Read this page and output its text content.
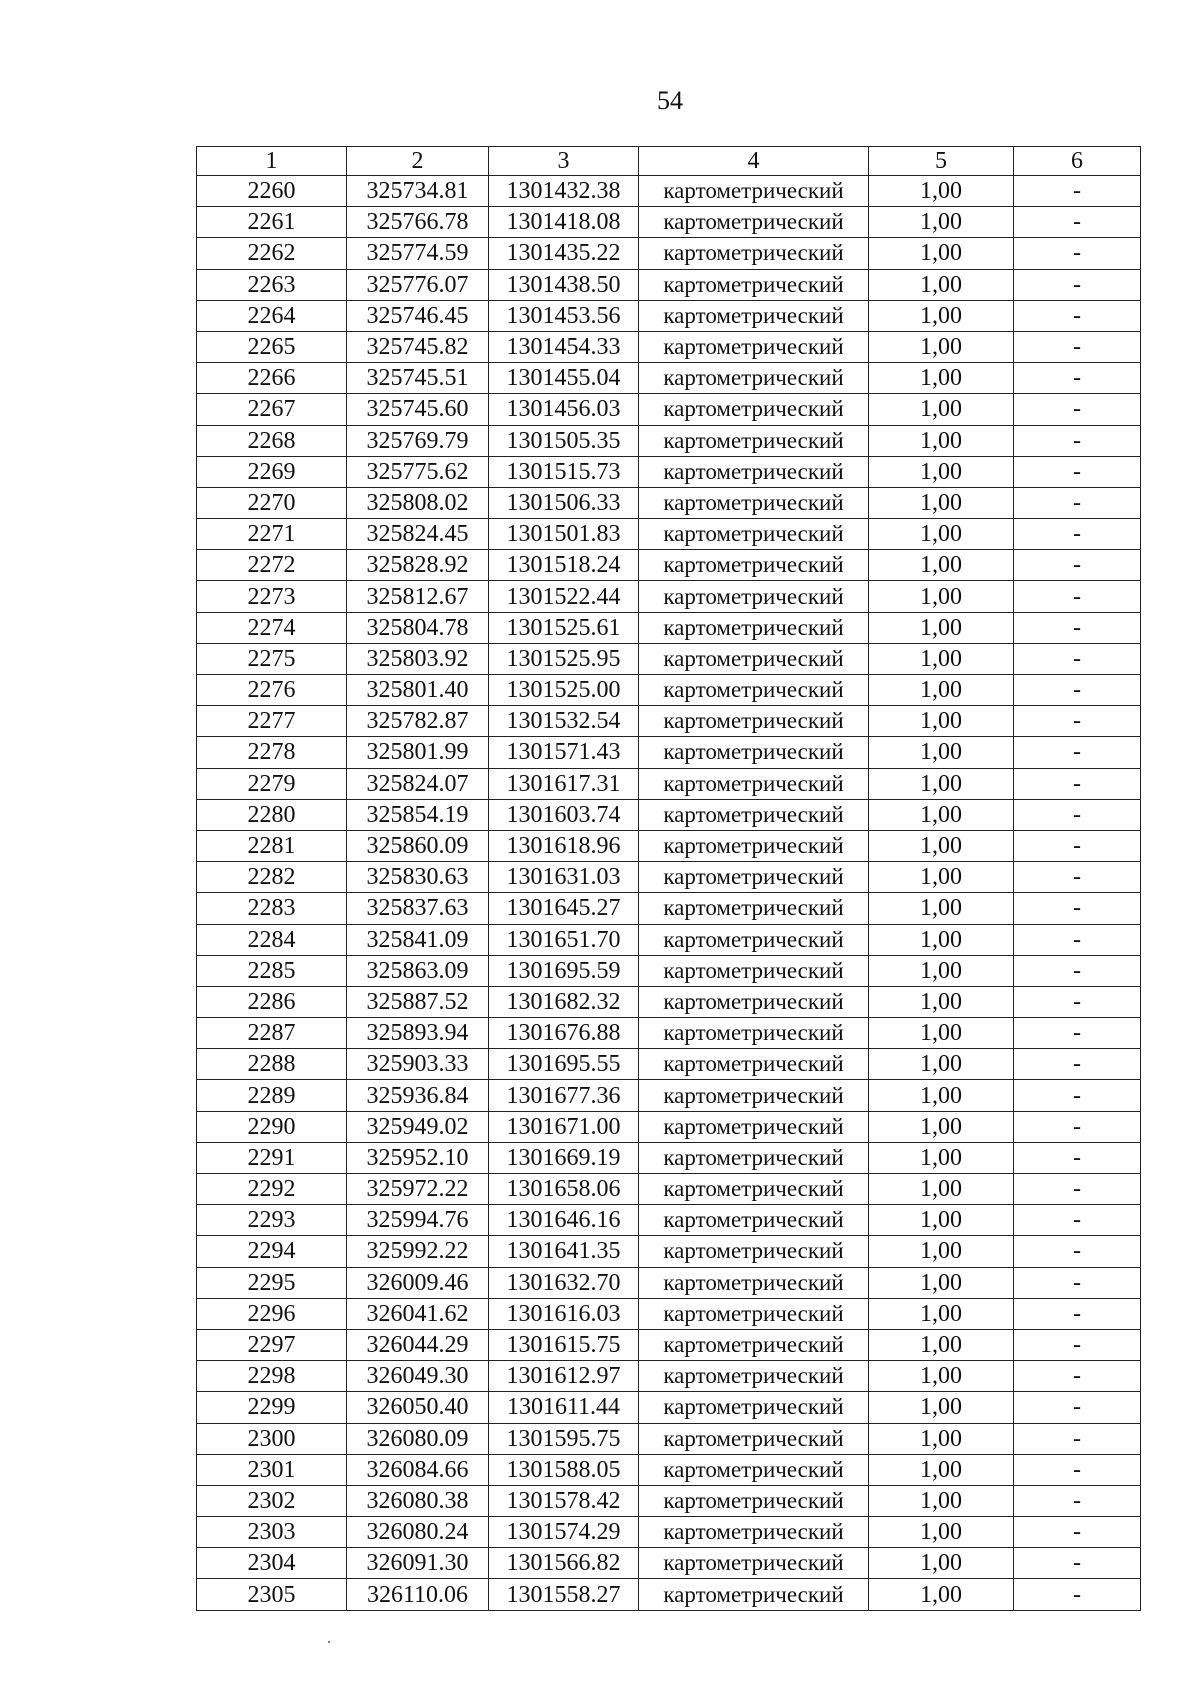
54
1	2	3	4	5	6
2260	325734.81	1301432.38	картометрический	1,00	-
2261	325766.78	1301418.08	картометрический	1,00	-
2262	325774.59	1301435.22	картометрический	1,00	-
2263	325776.07	1301438.50	картометрический	1,00	-
2264	325746.45	1301453.56	картометрический	1,00	-
2265	325745.82	1301454.33	картометрический	1,00	-
2266	325745.51	1301455.04	картометрический	1,00	-
2267	325745.60	1301456.03	картометрический	1,00	-
2268	325769.79	1301505.35	картометрический	1,00	-
2269	325775.62	1301515.73	картометрический	1,00	-
2270	325808.02	1301506.33	картометрический	1,00	-
2271	325824.45	1301501.83	картометрический	1,00	-
2272	325828.92	1301518.24	картометрический	1,00	-
2273	325812.67	1301522.44	картометрический	1,00	-
2274	325804.78	1301525.61	картометрический	1,00	-
2275	325803.92	1301525.95	картометрический	1,00	-
2276	325801.40	1301525.00	картометрический	1,00	-
2277	325782.87	1301532.54	картометрический	1,00	-
2278	325801.99	1301571.43	картометрический	1,00	-
2279	325824.07	1301617.31	картометрический	1,00	-
2280	325854.19	1301603.74	картометрический	1,00	-
2281	325860.09	1301618.96	картометрический	1,00	-
2282	325830.63	1301631.03	картометрический	1,00	-
2283	325837.63	1301645.27	картометрический	1,00	-
2284	325841.09	1301651.70	картометрический	1,00	-
2285	325863.09	1301695.59	картометрический	1,00	-
2286	325887.52	1301682.32	картометрический	1,00	-
2287	325893.94	1301676.88	картометрический	1,00	-
2288	325903.33	1301695.55	картометрический	1,00	-
2289	325936.84	1301677.36	картометрический	1,00	-
2290	325949.02	1301671.00	картометрический	1,00	-
2291	325952.10	1301669.19	картометрический	1,00	-
2292	325972.22	1301658.06	картометрический	1,00	-
2293	325994.76	1301646.16	картометрический	1,00	-
2294	325992.22	1301641.35	картометрический	1,00	-
2295	326009.46	1301632.70	картометрический	1,00	-
2296	326041.62	1301616.03	картометрический	1,00	-
2297	326044.29	1301615.75	картометрический	1,00	-
2298	326049.30	1301612.97	картометрический	1,00	-
2299	326050.40	1301611.44	картометрический	1,00	-
2300	326080.09	1301595.75	картометрический	1,00	-
2301	326084.66	1301588.05	картометрический	1,00	-
2302	326080.38	1301578.42	картометрический	1,00	-
2303	326080.24	1301574.29	картометрический	1,00	-
2304	326091.30	1301566.82	картометрический	1,00	-
2305	326110.06	1301558.27	картометрический	1,00	-
